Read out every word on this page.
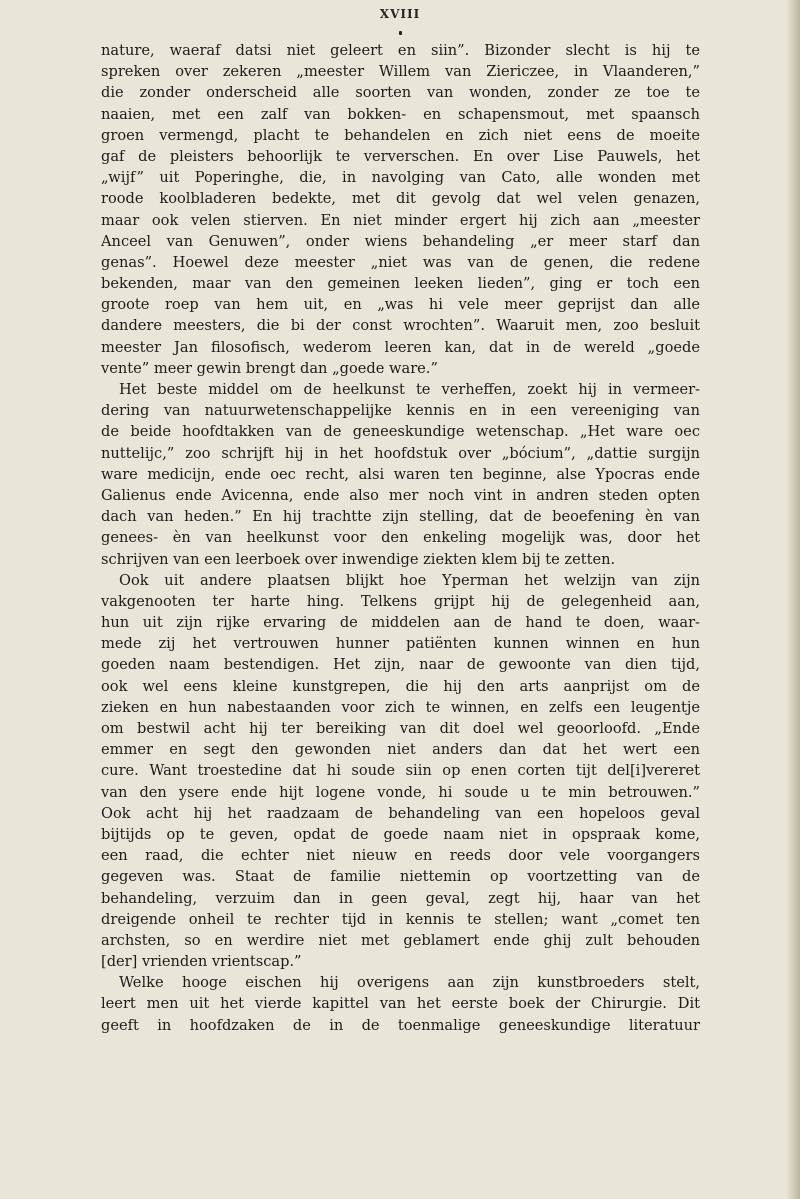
XVIII
nature, waeraf datsi niet geleert en siin”. Bizonder slecht is hij te
spreken over zekeren „meester Willem van Ziericzee, in Vlaanderen,”
die zonder onderscheid alle soorten van wonden, zonder ze toe te
naaien, met een zalf van bokken- en schapensmout, met spaansch
groen vermengd, placht te behandelen en zich niet eens de moeite
gaf de pleisters behoorlijk te ververschen. En over Lise Pauwels, het
„wijf” uit Poperinghe, die, in navolging van Cato, alle wonden met
roode koolbladeren bedekte, met dit gevolg dat wel velen genazen,
maar ook velen stierven. En niet minder ergert hij zich aan „meester
Anceel van Genuwen”, onder wiens behandeling „er meer starf dan
genas”. Hoewel deze meester „niet was van de genen, die redene
bekenden, maar van den gemeinen leeken lieden”, ging er toch een
groote roep van hem uit, en „was hi vele meer geprijst dan alle
dandere meesters, die bi der const wrochten”. Waaruit men, zoo besluit
meester Jan filosofisch, wederom leeren kan, dat in de wereld „goede
vente” meer gewin brengt dan „goede ware.”
Het beste middel om de heelkunst te verheffen, zoekt hij in vermeer-
dering van natuurwetenschappelijke kennis en in een vereeniging van
de beide hoofdtakken van de geneeskundige wetenschap. „Het ware oec
nuttelijc,” zoo schrijft hij in het hoofdstuk over „bócium”, „dattie surgijn
ware medicijn, ende oec recht, alsi waren ten beginne, alse Ypocras ende
Galienus ende Avicenna, ende also mer noch vint in andren steden opten
dach van heden.” En hij trachtte zijn stelling, dat de beoefening èn van
genees- èn van heelkunst voor den enkeling mogelijk was, door het
schrijven van een leerboek over inwendige ziekten klem bij te zetten.
Ook uit andere plaatsen blijkt hoe Yperman het welzijn van zijn
vakgenooten ter harte hing. Telkens grijpt hij de gelegenheid aan,
hun uit zijn rijke ervaring de middelen aan de hand te doen, waar-
mede zij het vertrouwen hunner patiënten kunnen winnen en hun
goeden naam bestendigen. Het zijn, naar de gewoonte van dien tijd,
ook wel eens kleine kunstgrepen, die hij den arts aanprijst om de
zieken en hun nabestaanden voor zich te winnen, en zelfs een leugentje
om bestwil acht hij ter bereiking van dit doel wel geoorloofd. „Ende
emmer en segt den gewonden niet anders dan dat het wert een
cure. Want troestedine dat hi soude siin op enen corten tijt del[i]vereret
van den ysere ende hijt logene vonde, hi soude u te min betrouwen.”
Ook acht hij het raadzaam de behandeling van een hopeloos geval
bijtijds op te geven, opdat de goede naam niet in opspraak kome,
een raad, die echter niet nieuw en reeds door vele voorgangers
gegeven was. Staat de familie niettemin op voortzetting van de
behandeling, verzuim dan in geen geval, zegt hij, haar van het
dreigende onheil te rechter tijd in kennis te stellen; want „comet ten
archsten, so en werdire niet met geblamert ende ghij zult behouden
[der] vrienden vrientscap.”
Welke hooge eischen hij overigens aan zijn kunstbroeders stelt,
leert men uit het vierde kapittel van het eerste boek der Chirurgie. Dit
geeft in hoofdzaken de in de toenmalige geneeskundige literatuur
